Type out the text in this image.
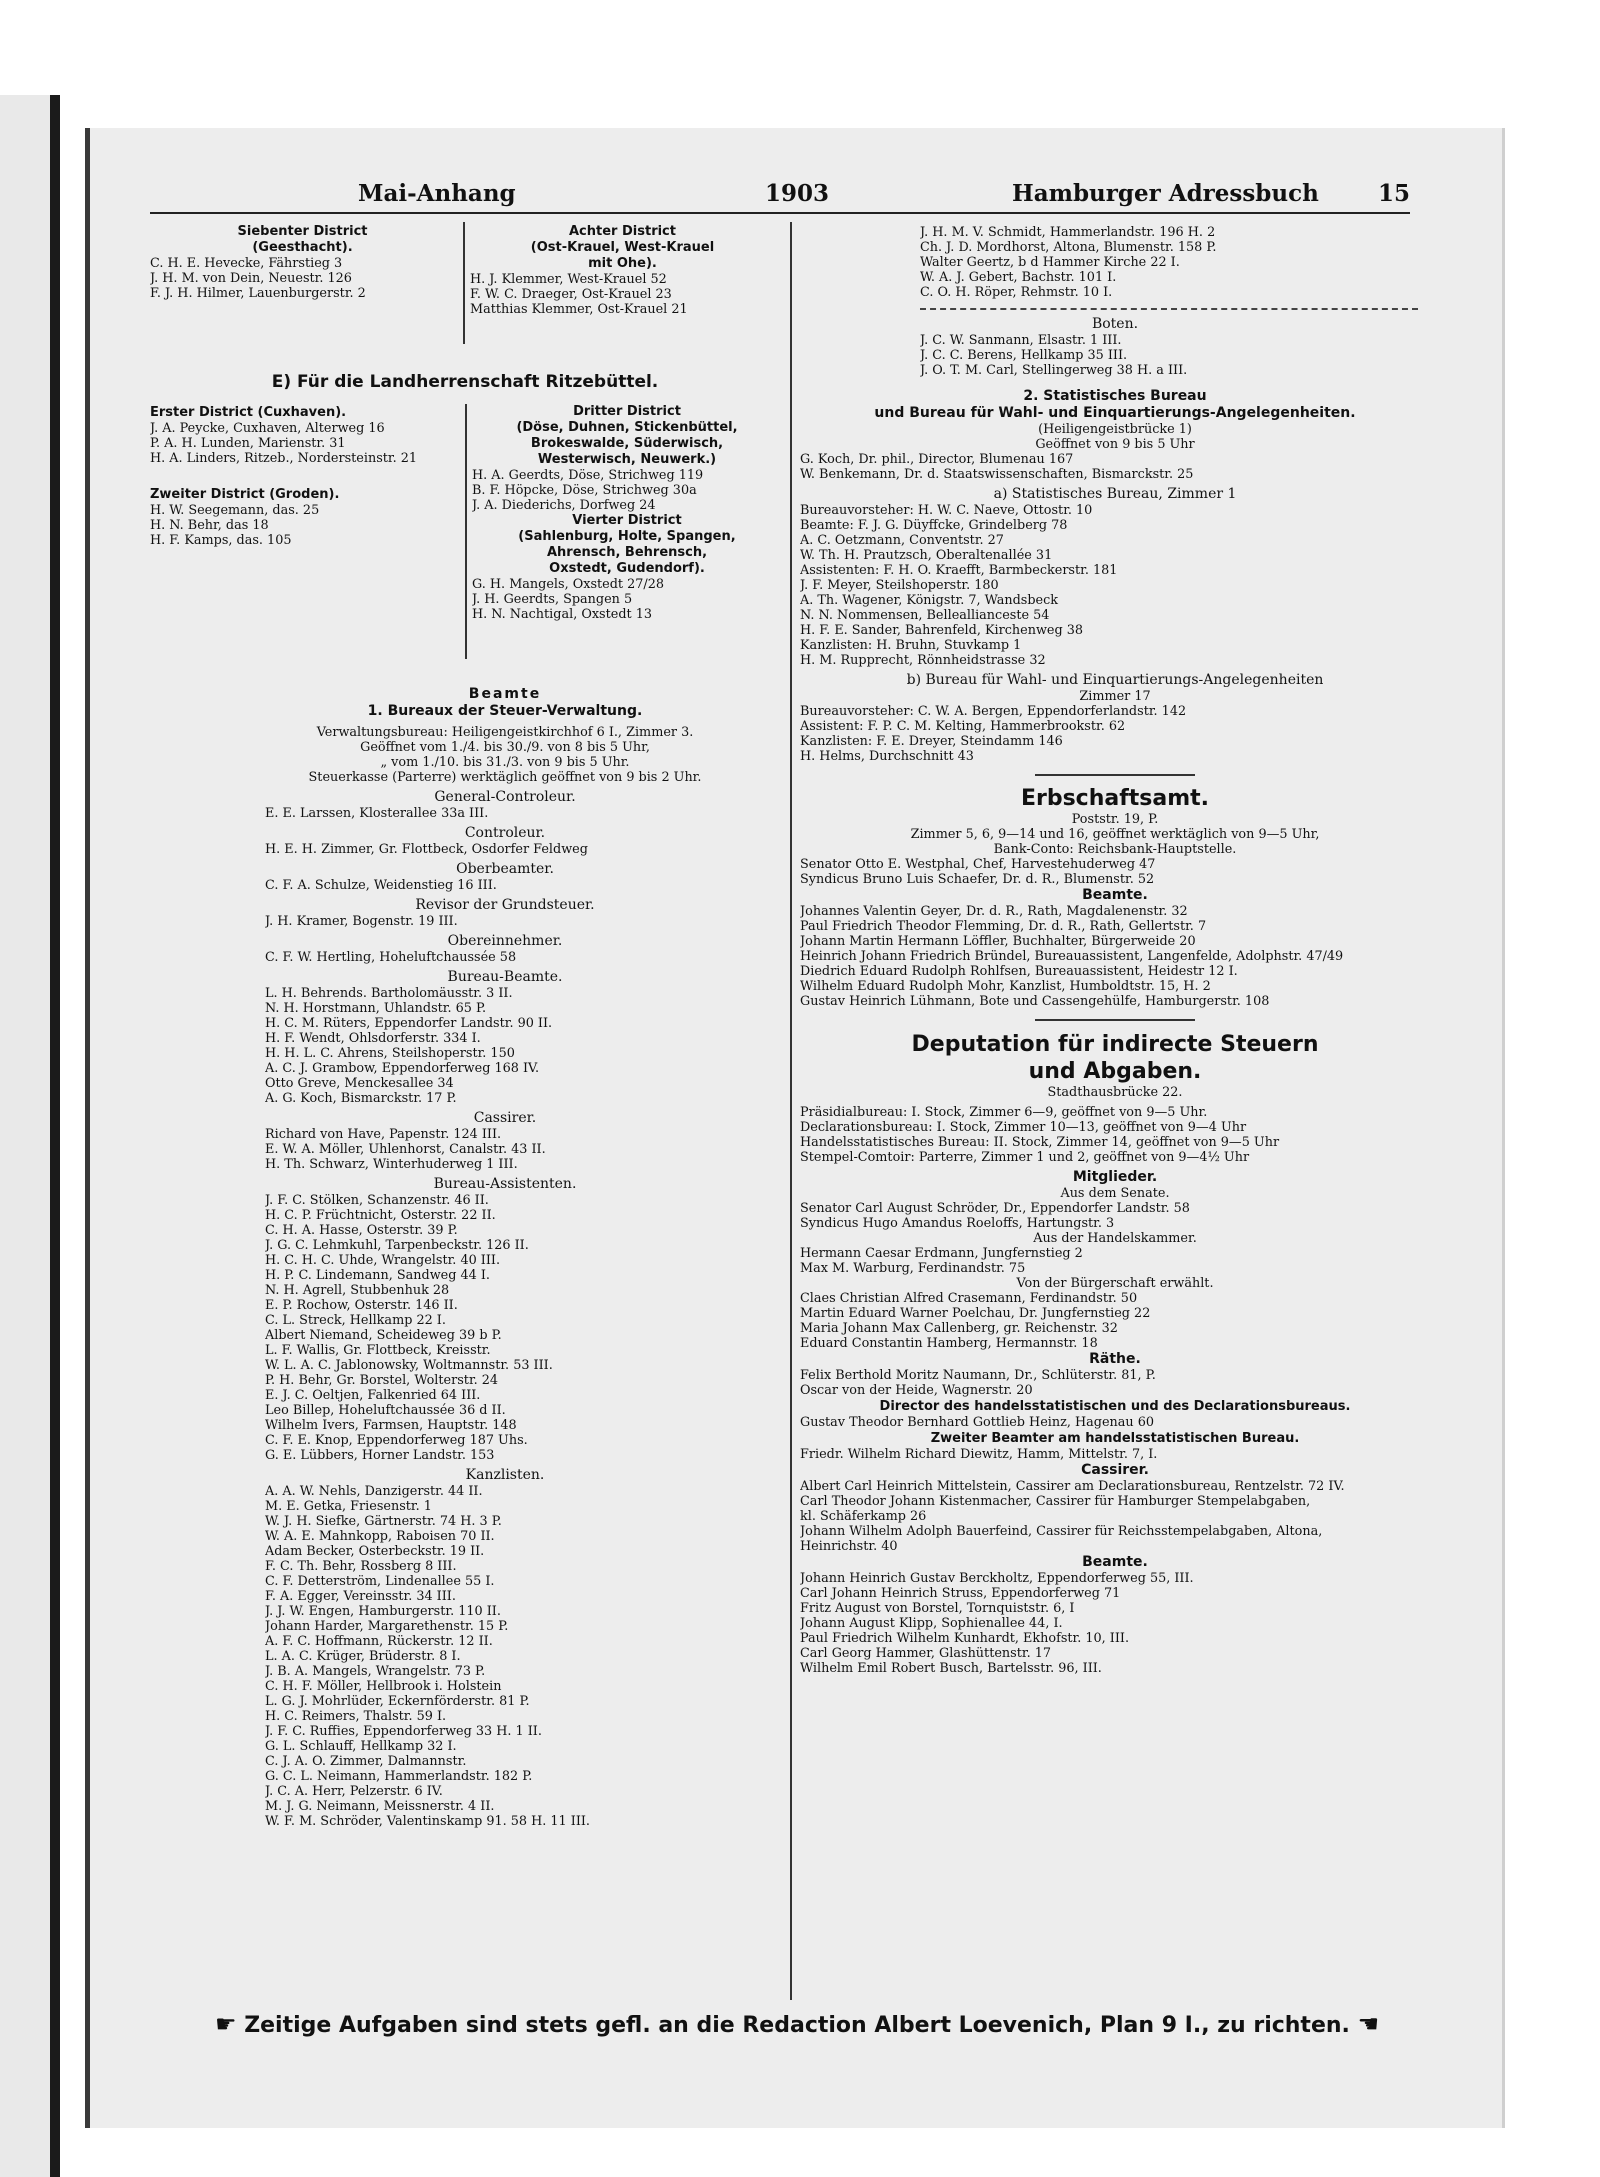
Mai-Anhang	1903	Hamburger Adressbuch	15
Siebenter District
(Geesthacht).
C. H. E. Hevecke, Fährstieg 3
J. H. M. von Dein, Neuestr. 126
F. J. H. Hilmer, Lauenburgerstr. 2
Achter District
(Ost-Krauel, West-Krauel
mit Ohe).
H. J. Klemmer, West-Krauel 52
F. W. C. Draeger, Ost-Krauel 23
Matthias Klemmer, Ost-Krauel 21
E) Für die Landherrenschaft Ritzebüttel.
Erster District (Cuxhaven).
J. A. Peycke, Cuxhaven, Alterweg 16
P. A. H. Lunden, Marienstr. 31
H. A. Linders, Ritzeb., Nordersteinstr. 21
Zweiter District (Groden).
H. W. Seegemann, das. 25
H. N. Behr, das 18
H. F. Kamps, das. 105
Dritter District
(Döse, Duhnen, Stickenbüttel,
Brokeswalde, Süderwisch,
Westerwisch, Neuwerk.)
H. A. Geerdts, Döse, Strichweg 119
B. F. Höpcke, Döse, Strichweg 30a
J. A. Diederichs, Dorfweg 24
Vierter District
(Sahlenburg, Holte, Spangen,
Ahrensch, Behrensch,
Oxstedt, Gudendorf).
G. H. Mangels, Oxstedt 27/28
J. H. Geerdts, Spangen 5
H. N. Nachtigal, Oxstedt 13
Beamte
1. Bureaux der Steuer-Verwaltung.
Verwaltungsbureau: Heiligengeistkirchhof 6 I., Zimmer 3.
Geöffnet vom 1./4. bis 30./9. von 8 bis 5 Uhr,
„ vom 1./10. bis 31./3. von 9 bis 5 Uhr.
Steuerkasse (Parterre) werktäglich geöffnet von 9 bis 2 Uhr.
General-Controleur.
E. E. Larssen, Klosterallee 33a III.
Controleur.
H. E. H. Zimmer, Gr. Flottbeck, Osdorfer Feldweg
Oberbeamter.
C. F. A. Schulze, Weidenstieg 16 III.
Revisor der Grundsteuer.
J. H. Kramer, Bogenstr. 19 III.
Obereinnehmer.
C. F. W. Hertling, Hoheluftchaussée 58
Bureau-Beamte.
L. H. Behrends. Bartholomäusstr. 3 II.
N. H. Horstmann, Uhlandstr. 65 P.
H. C. M. Rüters, Eppendorfer Landstr. 90 II.
H. F. Wendt, Ohlsdorferstr. 334 I.
H. H. L. C. Ahrens, Steilshoperstr. 150
A. C. J. Grambow, Eppendorferweg 168 IV.
Otto Greve, Menckesallee 34
A. G. Koch, Bismarckstr. 17 P.
Cassirer.
Richard von Have, Papenstr. 124 III.
E. W. A. Möller, Uhlenhorst, Canalstr. 43 II.
H. Th. Schwarz, Winterhuderweg 1 III.
Bureau-Assistenten.
J. F. C. Stölken, Schanzenstr. 46 II.
H. C. P. Früchtnicht, Osterstr. 22 II.
C. H. A. Hasse, Osterstr. 39 P.
J. G. C. Lehmkuhl, Tarpenbeckstr. 126 II.
H. C. H. C. Uhde, Wrangelstr. 40 III.
H. P. C. Lindemann, Sandweg 44 I.
N. H. Agrell, Stubbenhuk 28
E. P. Rochow, Osterstr. 146 II.
C. L. Streck, Hellkamp 22 I.
Albert Niemand, Scheideweg 39 b P.
L. F. Wallis, Gr. Flottbeck, Kreisstr.
W. L. A. C. Jablonowsky, Woltmannstr. 53 III.
P. H. Behr, Gr. Borstel, Wolterstr. 24
E. J. C. Oeltjen, Falkenried 64 III.
Leo Billep, Hoheluftchaussée 36 d II.
Wilhelm Ivers, Farmsen, Hauptstr. 148
C. F. E. Knop, Eppendorferweg 187 Uhs.
G. E. Lübbers, Horner Landstr. 153
Kanzlisten.
A. A. W. Nehls, Danzigerstr. 44 II.
M. E. Getka, Friesenstr. 1
W. J. H. Siefke, Gärtnerstr. 74 H. 3 P.
W. A. E. Mahnkopp, Raboisen 70 II.
Adam Becker, Osterbeckstr. 19 II.
F. C. Th. Behr, Rossberg 8 III.
C. F. Detterström, Lindenallee 55 I.
F. A. Egger, Vereinsstr. 34 III.
J. J. W. Engen, Hamburgerstr. 110 II.
Johann Harder, Margarethenstr. 15 P.
A. F. C. Hoffmann, Rückerstr. 12 II.
L. A. C. Krüger, Brüderstr. 8 I.
J. B. A. Mangels, Wrangelstr. 73 P.
C. H. F. Möller, Hellbrook i. Holstein
L. G. J. Mohrlüder, Eckernförderstr. 81 P.
H. C. Reimers, Thalstr. 59 I.
J. F. C. Ruffies, Eppendorferweg 33 H. 1 II.
G. L. Schlauff, Hellkamp 32 I.
C. J. A. O. Zimmer, Dalmannstr.
G. C. L. Neimann, Hammerlandstr. 182 P.
J. C. A. Herr, Pelzerstr. 6 IV.
M. J. G. Neimann, Meissnerstr. 4 II.
W. F. M. Schröder, Valentinskamp 91. 58 H. 11 III.
J. H. M. V. Schmidt, Hammerlandstr. 196 H. 2
Ch. J. D. Mordhorst, Altona, Blumenstr. 158 P.
Walter Geertz, b d Hammer Kirche 22 I.
W. A. J. Gebert, Bachstr. 101 I.
C. O. H. Röper, Rehmstr. 10 I.
Boten.
J. C. W. Sanmann, Elsastr. 1 III.
J. C. C. Berens, Hellkamp 35 III.
J. O. T. M. Carl, Stellingerweg 38 H. a III.
2. Statistisches Bureau
und Bureau für Wahl- und Einquartierungs-Angelegenheiten.
(Heiligengeistbrücke 1)
Geöffnet von 9 bis 5 Uhr
G. Koch, Dr. phil., Director, Blumenau 167
W. Benkemann, Dr. d. Staatswissenschaften, Bismarckstr. 25
a) Statistisches Bureau, Zimmer 1
Bureauvorsteher: H. W. C. Naeve, Ottostr. 10
Beamte: F. J. G. Düyffcke, Grindelberg 78
A. C. Oetzmann, Conventstr. 27
W. Th. H. Prautzsch, Oberaltenallée 31
Assistenten: F. H. O. Kraefft, Barmbeckerstr. 181
J. F. Meyer, Steilshoperstr. 180
A. Th. Wagener, Königstr. 7, Wandsbeck
N. N. Nommensen, Belleallianceste 54
H. F. E. Sander, Bahrenfeld, Kirchenweg 38
Kanzlisten: H. Bruhn, Stuvkamp 1
H. M. Rupprecht, Rönnheidstrasse 32
b) Bureau für Wahl- und Einquartierungs-Angelegenheiten
Zimmer 17
Bureauvorsteher: C. W. A. Bergen, Eppendorferlandstr. 142
Assistent: F. P. C. M. Kelting, Hammerbrookstr. 62
Kanzlisten: F. E. Dreyer, Steindamm 146
H. Helms, Durchschnitt 43
Erbschaftsamt.
Poststr. 19, P.
Zimmer 5, 6, 9—14 und 16, geöffnet werktäglich von 9—5 Uhr,
Bank-Conto: Reichsbank-Hauptstelle.
Senator Otto E. Westphal, Chef, Harvestehuderweg 47
Syndicus Bruno Luis Schaefer, Dr. d. R., Blumenstr. 52
Beamte.
Johannes Valentin Geyer, Dr. d. R., Rath, Magdalenenstr. 32
Paul Friedrich Theodor Flemming, Dr. d. R., Rath, Gellertstr. 7
Johann Martin Hermann Löffler, Buchhalter, Bürgerweide 20
Heinrich Johann Friedrich Bründel, Bureauassistent, Langenfelde, Adolphstr. 47/49
Diedrich Eduard Rudolph Rohlfsen, Bureauassistent, Heidestr 12 I.
Wilhelm Eduard Rudolph Mohr, Kanzlist, Humboldtstr. 15, H. 2
Gustav Heinrich Lühmann, Bote und Cassengehülfe, Hamburgerstr. 108
Deputation für indirecte Steuern
und Abgaben.
Stadthausbrücke 22.
Präsidialbureau: I. Stock, Zimmer 6—9, geöffnet von 9—5 Uhr.
Declarationsbureau: I. Stock, Zimmer 10—13, geöffnet von 9—4 Uhr
Handelsstatistisches Bureau: II. Stock, Zimmer 14, geöffnet von 9—5 Uhr
Stempel-Comtoir: Parterre, Zimmer 1 und 2, geöffnet von 9—4½ Uhr
Mitglieder.
Aus dem Senate.
Senator Carl August Schröder, Dr., Eppendorfer Landstr. 58
Syndicus Hugo Amandus Roeloffs, Hartungstr. 3
Aus der Handelskammer.
Hermann Caesar Erdmann, Jungfernstieg 2
Max M. Warburg, Ferdinandstr. 75
Von der Bürgerschaft erwählt.
Claes Christian Alfred Crasemann, Ferdinandstr. 50
Martin Eduard Warner Poelchau, Dr. Jungfernstieg 22
Maria Johann Max Callenberg, gr. Reichenstr. 32
Eduard Constantin Hamberg, Hermannstr. 18
Räthe.
Felix Berthold Moritz Naumann, Dr., Schlüterstr. 81, P.
Oscar von der Heide, Wagnerstr. 20
Director des handelsstatistischen und des Declarationsbureaus.
Gustav Theodor Bernhard Gottlieb Heinz, Hagenau 60
Zweiter Beamter am handelsstatistischen Bureau.
Friedr. Wilhelm Richard Diewitz, Hamm, Mittelstr. 7, I.
Cassirer.
Albert Carl Heinrich Mittelstein, Cassirer am Declarationsbureau, Rentzelstr. 72 IV.
Carl Theodor Johann Kistenmacher, Cassirer für Hamburger Stempelabgaben,
kl. Schäferkamp 26
Johann Wilhelm Adolph Bauerfeind, Cassirer für Reichsstempelabgaben, Altona,
Heinrichstr. 40
Beamte.
Johann Heinrich Gustav Berckholtz, Eppendorferweg 55, III.
Carl Johann Heinrich Struss, Eppendorferweg 71
Fritz August von Borstel, Tornquiststr. 6, I
Johann August Klipp, Sophienallee 44, I.
Paul Friedrich Wilhelm Kunhardt, Ekhofstr. 10, III.
Carl Georg Hammer, Glashüttenstr. 17
Wilhelm Emil Robert Busch, Bartelsstr. 96, III.
☛ Zeitige Aufgaben sind stets gefl. an die Redaction Albert Loevenich, Plan 9 I., zu richten. ☚
